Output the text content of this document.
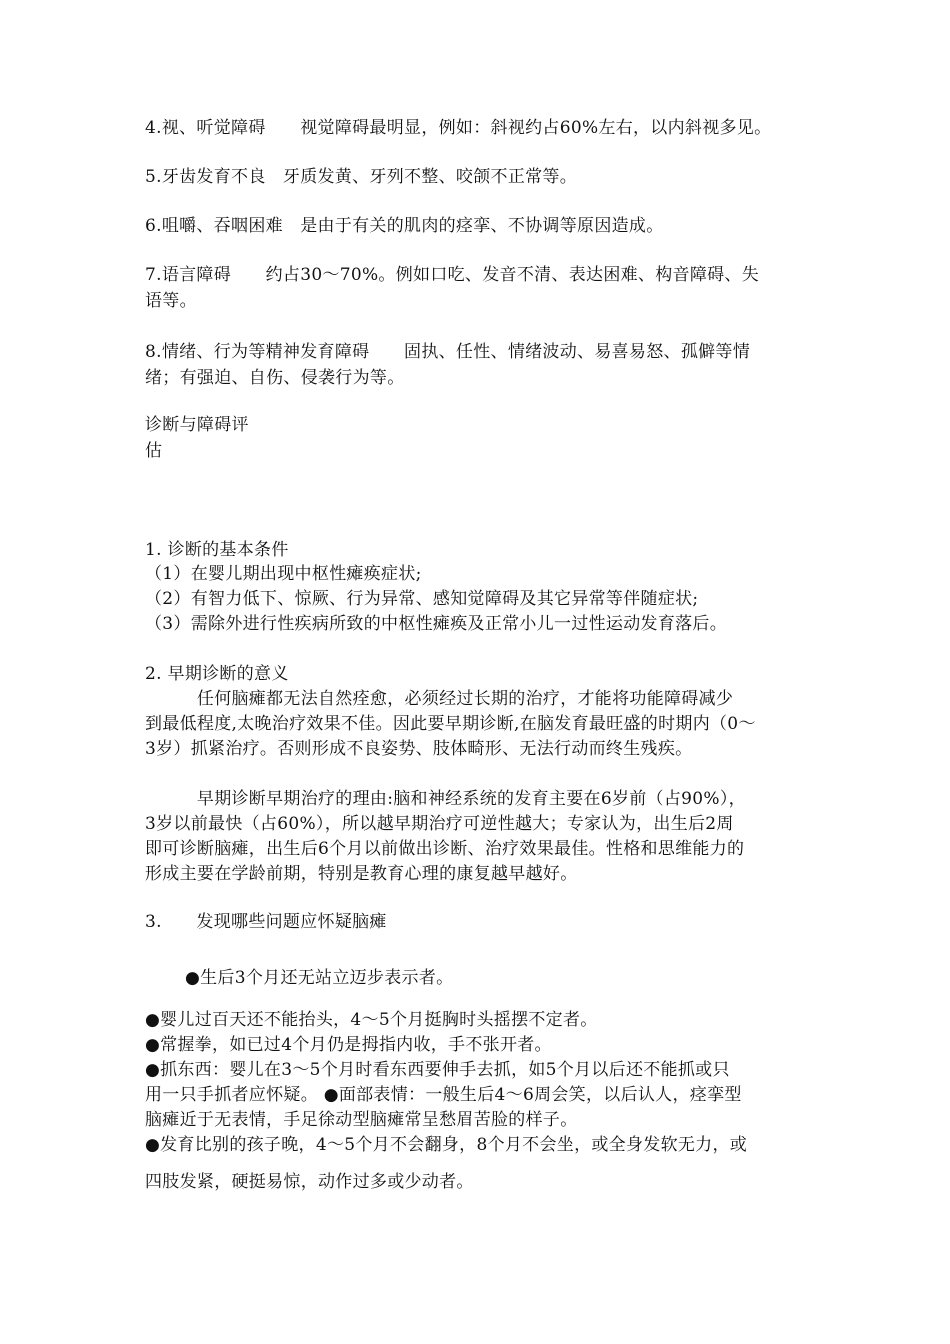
4.视、听觉障碍　　视觉障碍最明显，例如：斜视约占60%左右，以内斜视多见。
5.牙齿发育不良　牙质发黄、牙列不整、咬颌不正常等。
6.咀嚼、吞咽困难　是由于有关的肌肉的痉挛、不协调等原因造成。
7.语言障碍　　约占30～70%。例如口吃、发音不清、表达困难、构音障碍、失
语等。
8.情绪、行为等精神发育障碍　　固执、任性、情绪波动、易喜易怒、孤僻等情
绪；有强迫、自伤、侵袭行为等。
诊断与障碍评
估
1. 诊断的基本条件
（1）在婴儿期出现中枢性瘫痪症状;
（2）有智力低下、惊厥、行为异常、感知觉障碍及其它异常等伴随症状;
（3）需除外进行性疾病所致的中枢性瘫痪及正常小儿一过性运动发育落后。
2. 早期诊断的意义
　　　任何脑瘫都无法自然痊愈，必须经过长期的治疗，才能将功能障碍减少
到最低程度,太晚治疗效果不佳。因此要早期诊断,在脑发育最旺盛的时期内（0～
3岁）抓紧治疗。否则形成不良姿势、肢体畸形、无法行动而终生残疾。
　　　早期诊断早期治疗的理由:脑和神经系统的发育主要在6岁前（占90%），
3岁以前最快（占60%），所以越早期治疗可逆性越大；专家认为，出生后2周
即可诊断脑瘫，出生后6个月以前做出诊断、治疗效果最佳。性格和思维能力的
形成主要在学龄前期，特别是教育心理的康复越早越好。
3.　　发现哪些问题应怀疑脑瘫
●生后3个月还无站立迈步表示者。
●婴儿过百天还不能抬头，4～5个月挺胸时头摇摆不定者。
●常握拳，如已过4个月仍是拇指内收，手不张开者。
●抓东西：婴儿在3～5个月时看东西要伸手去抓，如5个月以后还不能抓或只
用一只手抓者应怀疑。 ●面部表情：一般生后4～6周会笑，以后认人，痉挛型
脑瘫近于无表情，手足徐动型脑瘫常呈愁眉苦脸的样子。
●发育比别的孩子晚，4～5个月不会翻身，8个月不会坐，或全身发软无力，或
四肢发紧，硬挺易惊，动作过多或少动者。
